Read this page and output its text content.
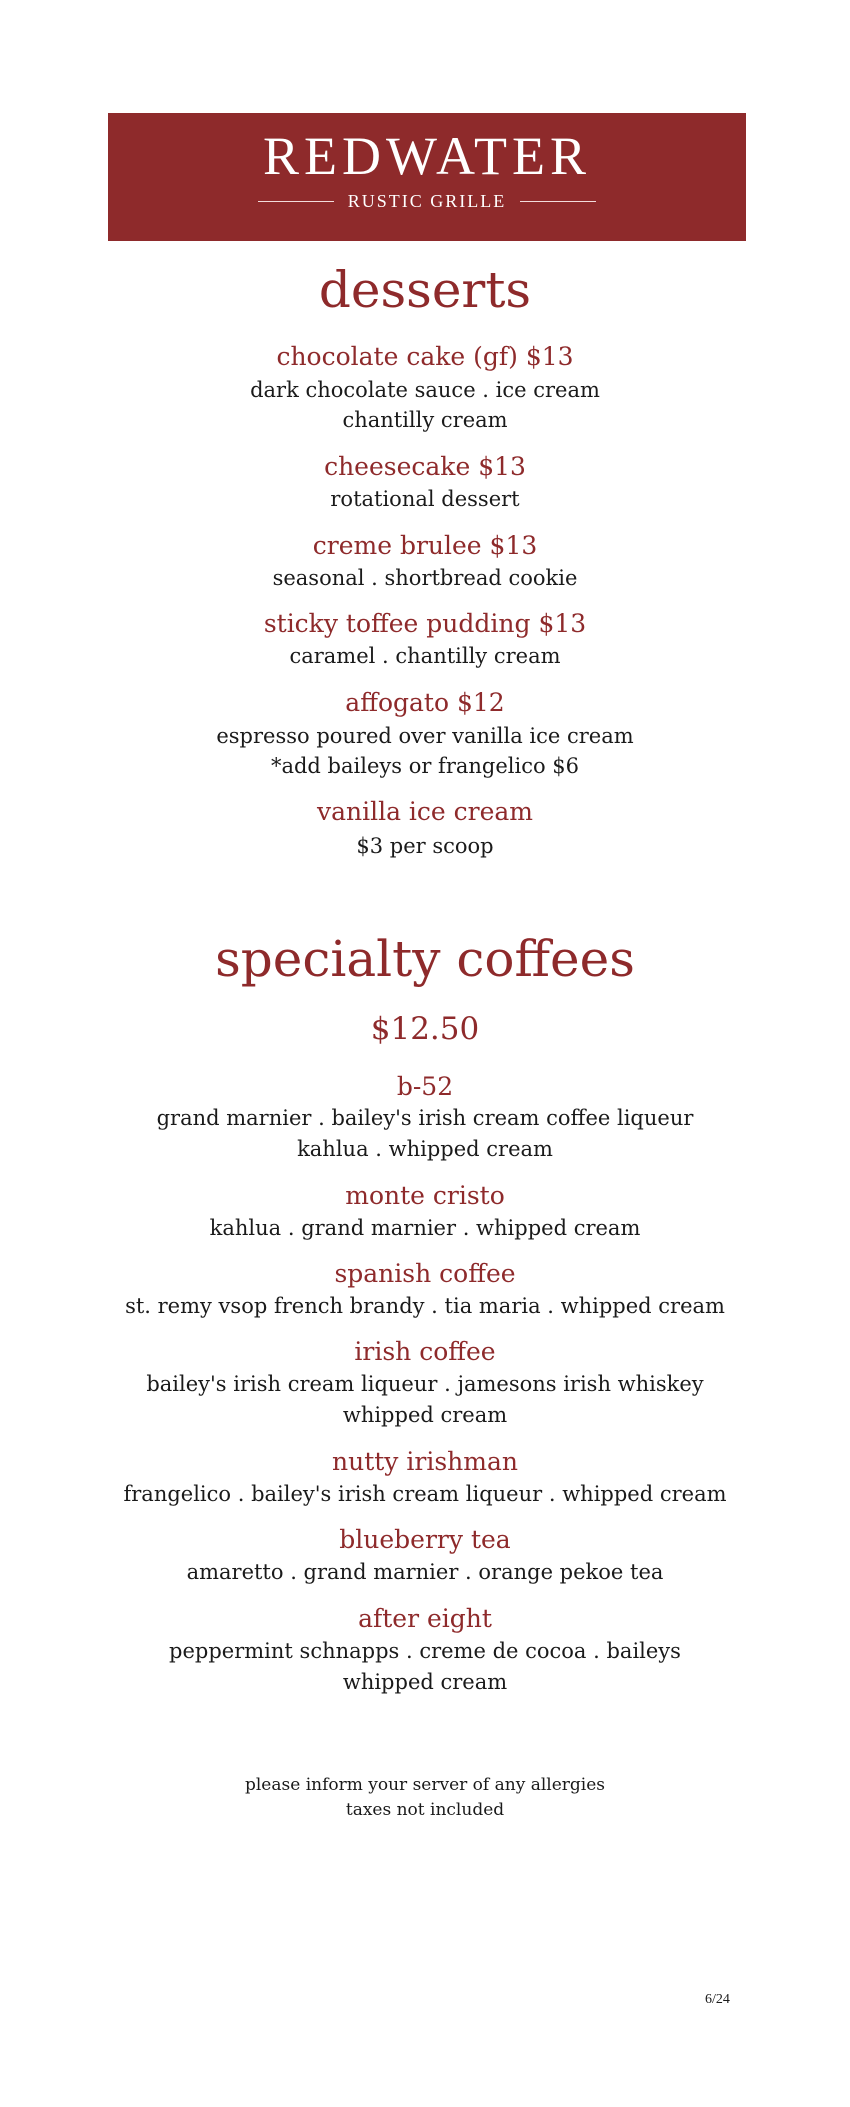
REDWATER
RUSTIC GRILLE
desserts
chocolate cake (gf) $13
dark chocolate sauce . ice cream
chantilly cream
cheesecake $13
rotational dessert
creme brulee $13
seasonal . shortbread cookie
sticky toffee pudding $13
caramel . chantilly cream
affogato $12
espresso poured over vanilla ice cream
*add baileys or frangelico $6
vanilla ice cream
$3 per scoop
specialty coffees
$12.50
b-52
grand marnier . bailey's irish cream coffee liqueur
kahlua . whipped cream
monte cristo
kahlua . grand marnier . whipped cream
spanish coffee
st. remy vsop french brandy . tia maria . whipped cream
irish coffee
bailey's irish cream liqueur . jamesons irish whiskey
whipped cream
nutty irishman
frangelico . bailey's irish cream liqueur . whipped cream
blueberry tea
amaretto . grand marnier . orange pekoe tea
after eight
peppermint schnapps . creme de cocoa . baileys
whipped cream
please inform your server of any allergies
taxes not included
6/24
